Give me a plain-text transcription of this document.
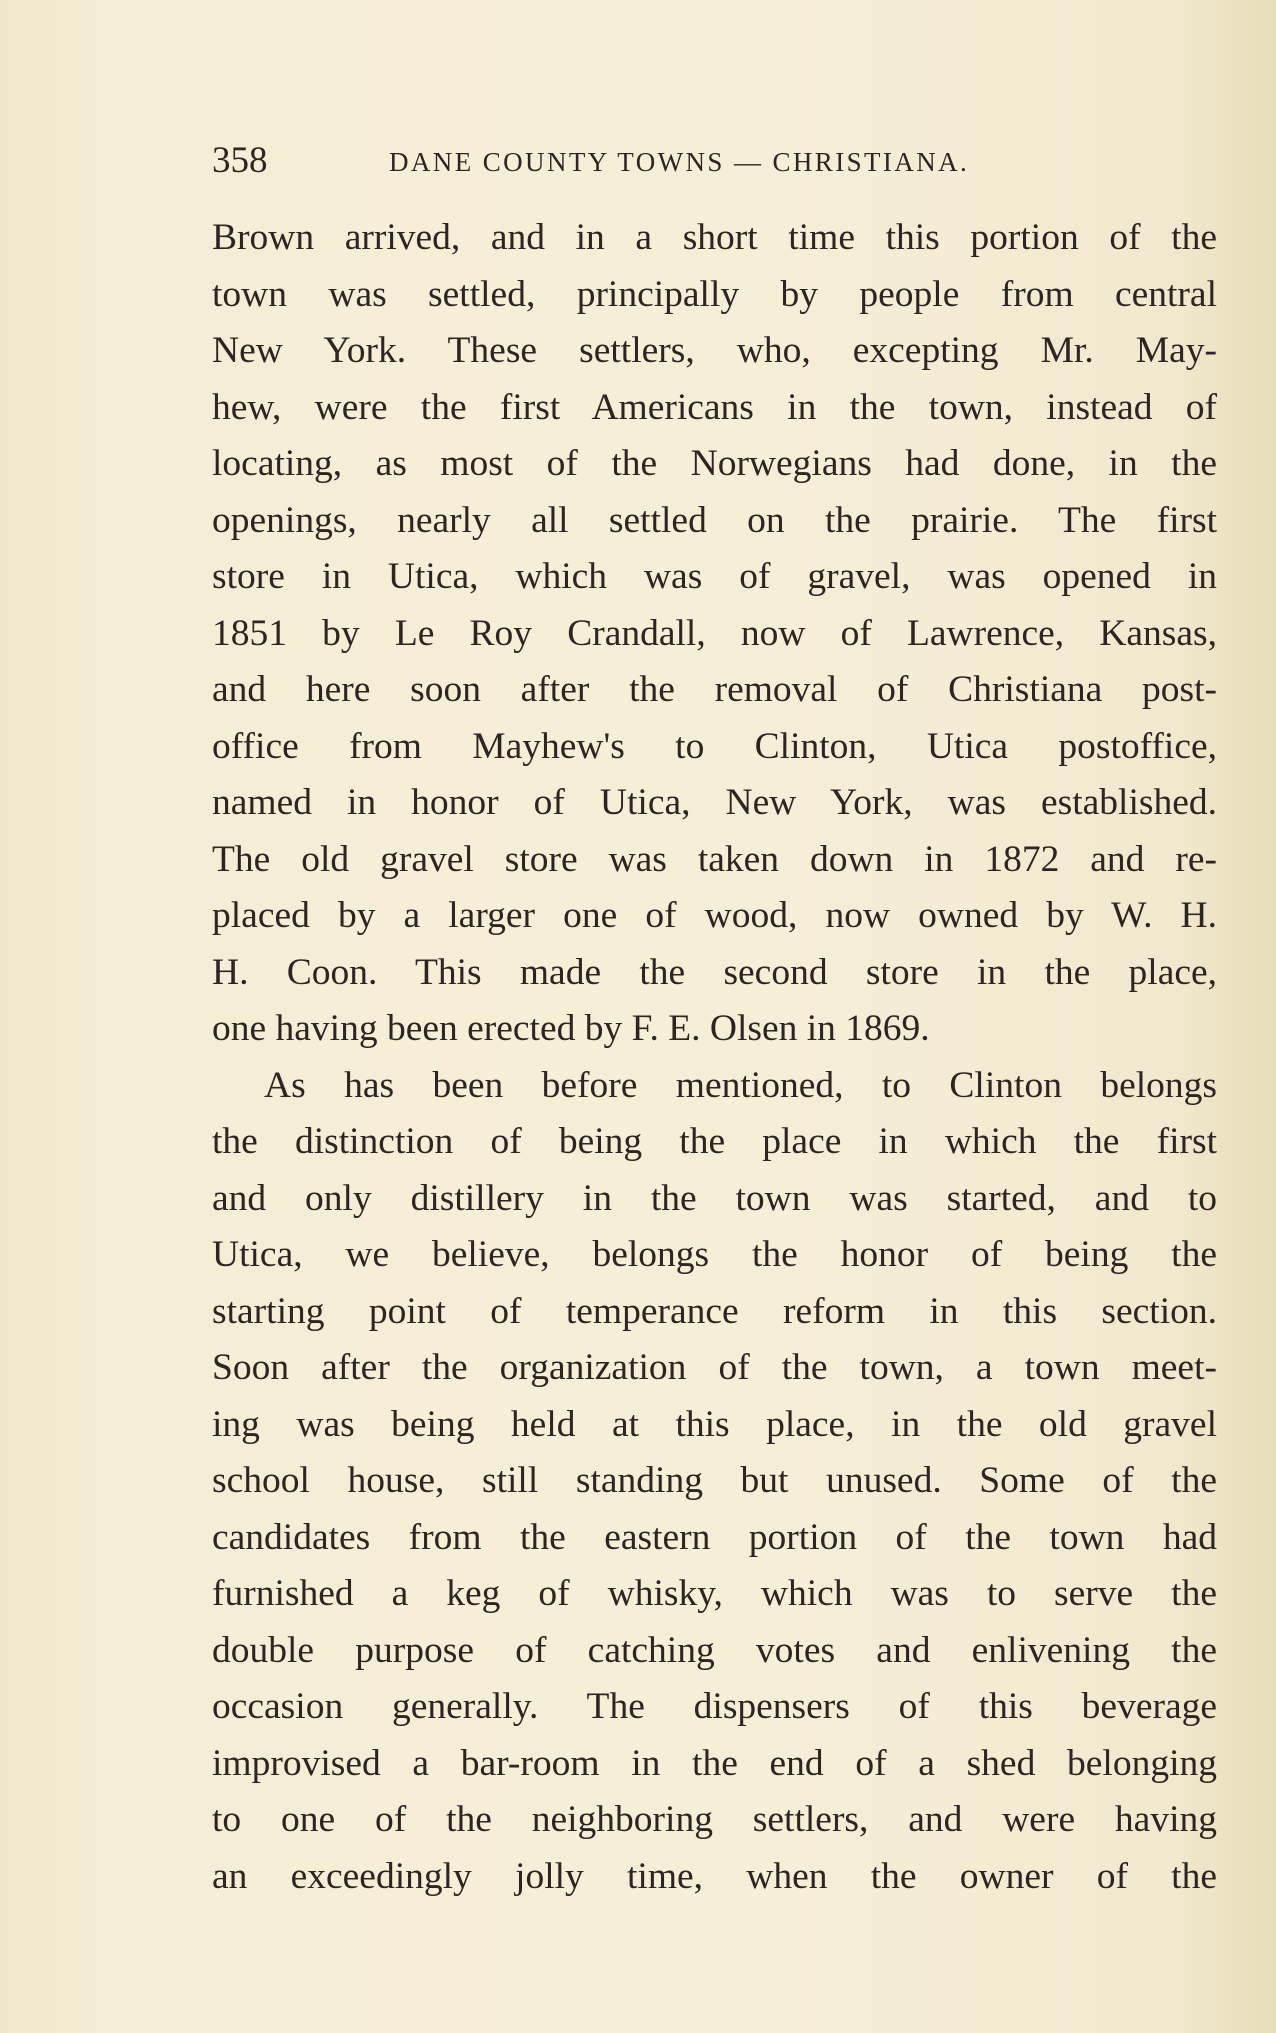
358	DANE COUNTY TOWNS — CHRISTIANA.
Brown arrived, and in a short time this portion of the
town was settled, principally by people from central
New York. These settlers, who, excepting Mr. May-
hew, were the first Americans in the town, instead of
locating, as most of the Norwegians had done, in the
openings, nearly all settled on the prairie. The first
store in Utica, which was of gravel, was opened in
1851 by Le Roy Crandall, now of Lawrence, Kansas,
and here soon after the removal of Christiana post-
office from Mayhew's to Clinton, Utica postoffice,
named in honor of Utica, New York, was established.
The old gravel store was taken down in 1872 and re-
placed by a larger one of wood, now owned by W. H.
H. Coon. This made the second store in the place,
one having been erected by F. E. Olsen in 1869.
As has been before mentioned, to Clinton belongs
the distinction of being the place in which the first
and only distillery in the town was started, and to
Utica, we believe, belongs the honor of being the
starting point of temperance reform in this section.
Soon after the organization of the town, a town meet-
ing was being held at this place, in the old gravel
school house, still standing but unused. Some of the
candidates from the eastern portion of the town had
furnished a keg of whisky, which was to serve the
double purpose of catching votes and enlivening the
occasion generally. The dispensers of this beverage
improvised a bar-room in the end of a shed belonging
to one of the neighboring settlers, and were having
an exceedingly jolly time, when the owner of the
